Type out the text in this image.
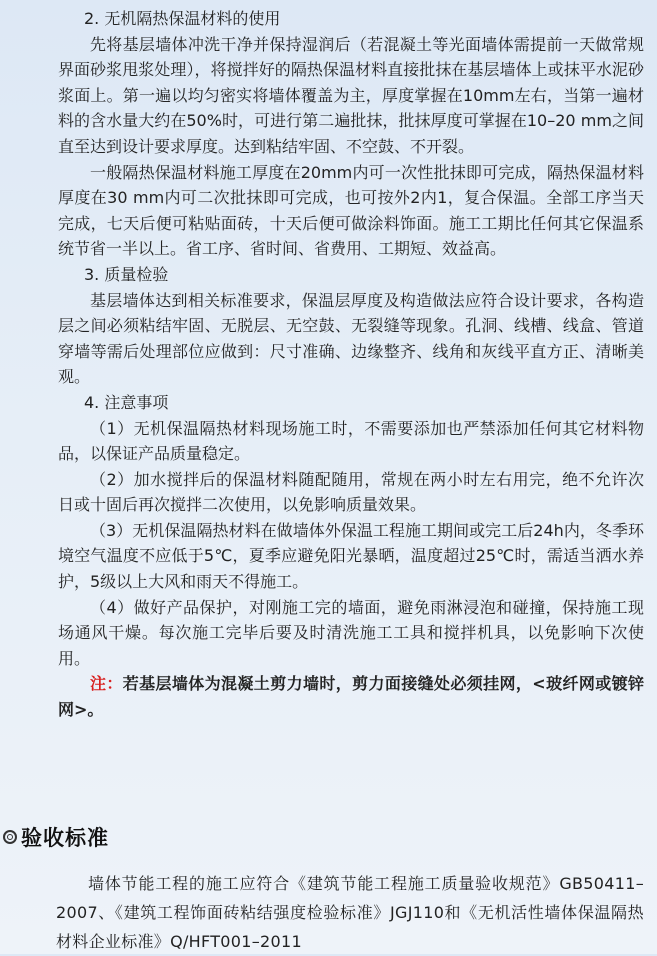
2. 无机隔热保温材料的使用

先将基层墙体冲洗干净并保持湿润后（若混凝土等光面墙体需提前一天做常规界面砂浆甩浆处理），将搅拌好的隔热保温材料直接批抹在基层墙体上或抹平水泥砂浆面上。第一遍以均匀密实将墙体覆盖为主，厚度掌握在10mm左右，当第一遍材料的含水量大约在50%时，可进行第二遍批抹，批抹厚度可掌握在10–20 mm之间直至达到设计要求厚度。达到粘结牢固、不空鼓、不开裂。

一般隔热保温材料施工厚度在20mm内可一次性批抹即可完成，隔热保温材料厚度在30 mm内可二次批抹即可完成，也可按外2内1，复合保温。全部工序当天完成，七天后便可粘贴面砖，十天后便可做涂料饰面。施工工期比任何其它保温系统节省一半以上。省工序、省时间、省费用、工期短、效益高。

3. 质量检验

基层墙体达到相关标准要求，保温层厚度及构造做法应符合设计要求，各构造层之间必须粘结牢固、无脱层、无空鼓、无裂缝等现象。孔洞、线槽、线盒、管道穿墙等需后处理部位应做到：尺寸准确、边缘整齐、线角和灰线平直方正、清晰美观。

4. 注意事项

（1）无机保温隔热材料现场施工时，不需要添加也严禁添加任何其它材料物品，以保证产品质量稳定。

（2）加水搅拌后的保温材料随配随用，常规在两小时左右用完，绝不允许次日或十固后再次搅拌二次使用，以免影响质量效果。

（3）无机保温隔热材料在做墙体外保温工程施工期间或完工后24h内，冬季环境空气温度不应低于5℃，夏季应避免阳光暴晒，温度超过25℃时，需适当洒水养护，5级以上大风和雨天不得施工。

（4）做好产品保护，对刚施工完的墙面，避免雨淋浸泡和碰撞，保持施工现场通风干燥。每次施工完毕后要及时清洗施工工具和搅拌机具，以免影响下次使用。

注：若基层墙体为混凝土剪力墙时，剪力面接缝处必须挂网，<玻纤网或镀锌网>。

验收标准

墙体节能工程的施工应符合《建筑节能工程施工质量验收规范》GB50411–2007、《建筑工程饰面砖粘结强度检验标准》JGJ110和《无机活性墙体保温隔热材料企业标准》Q/HFT001–2011
